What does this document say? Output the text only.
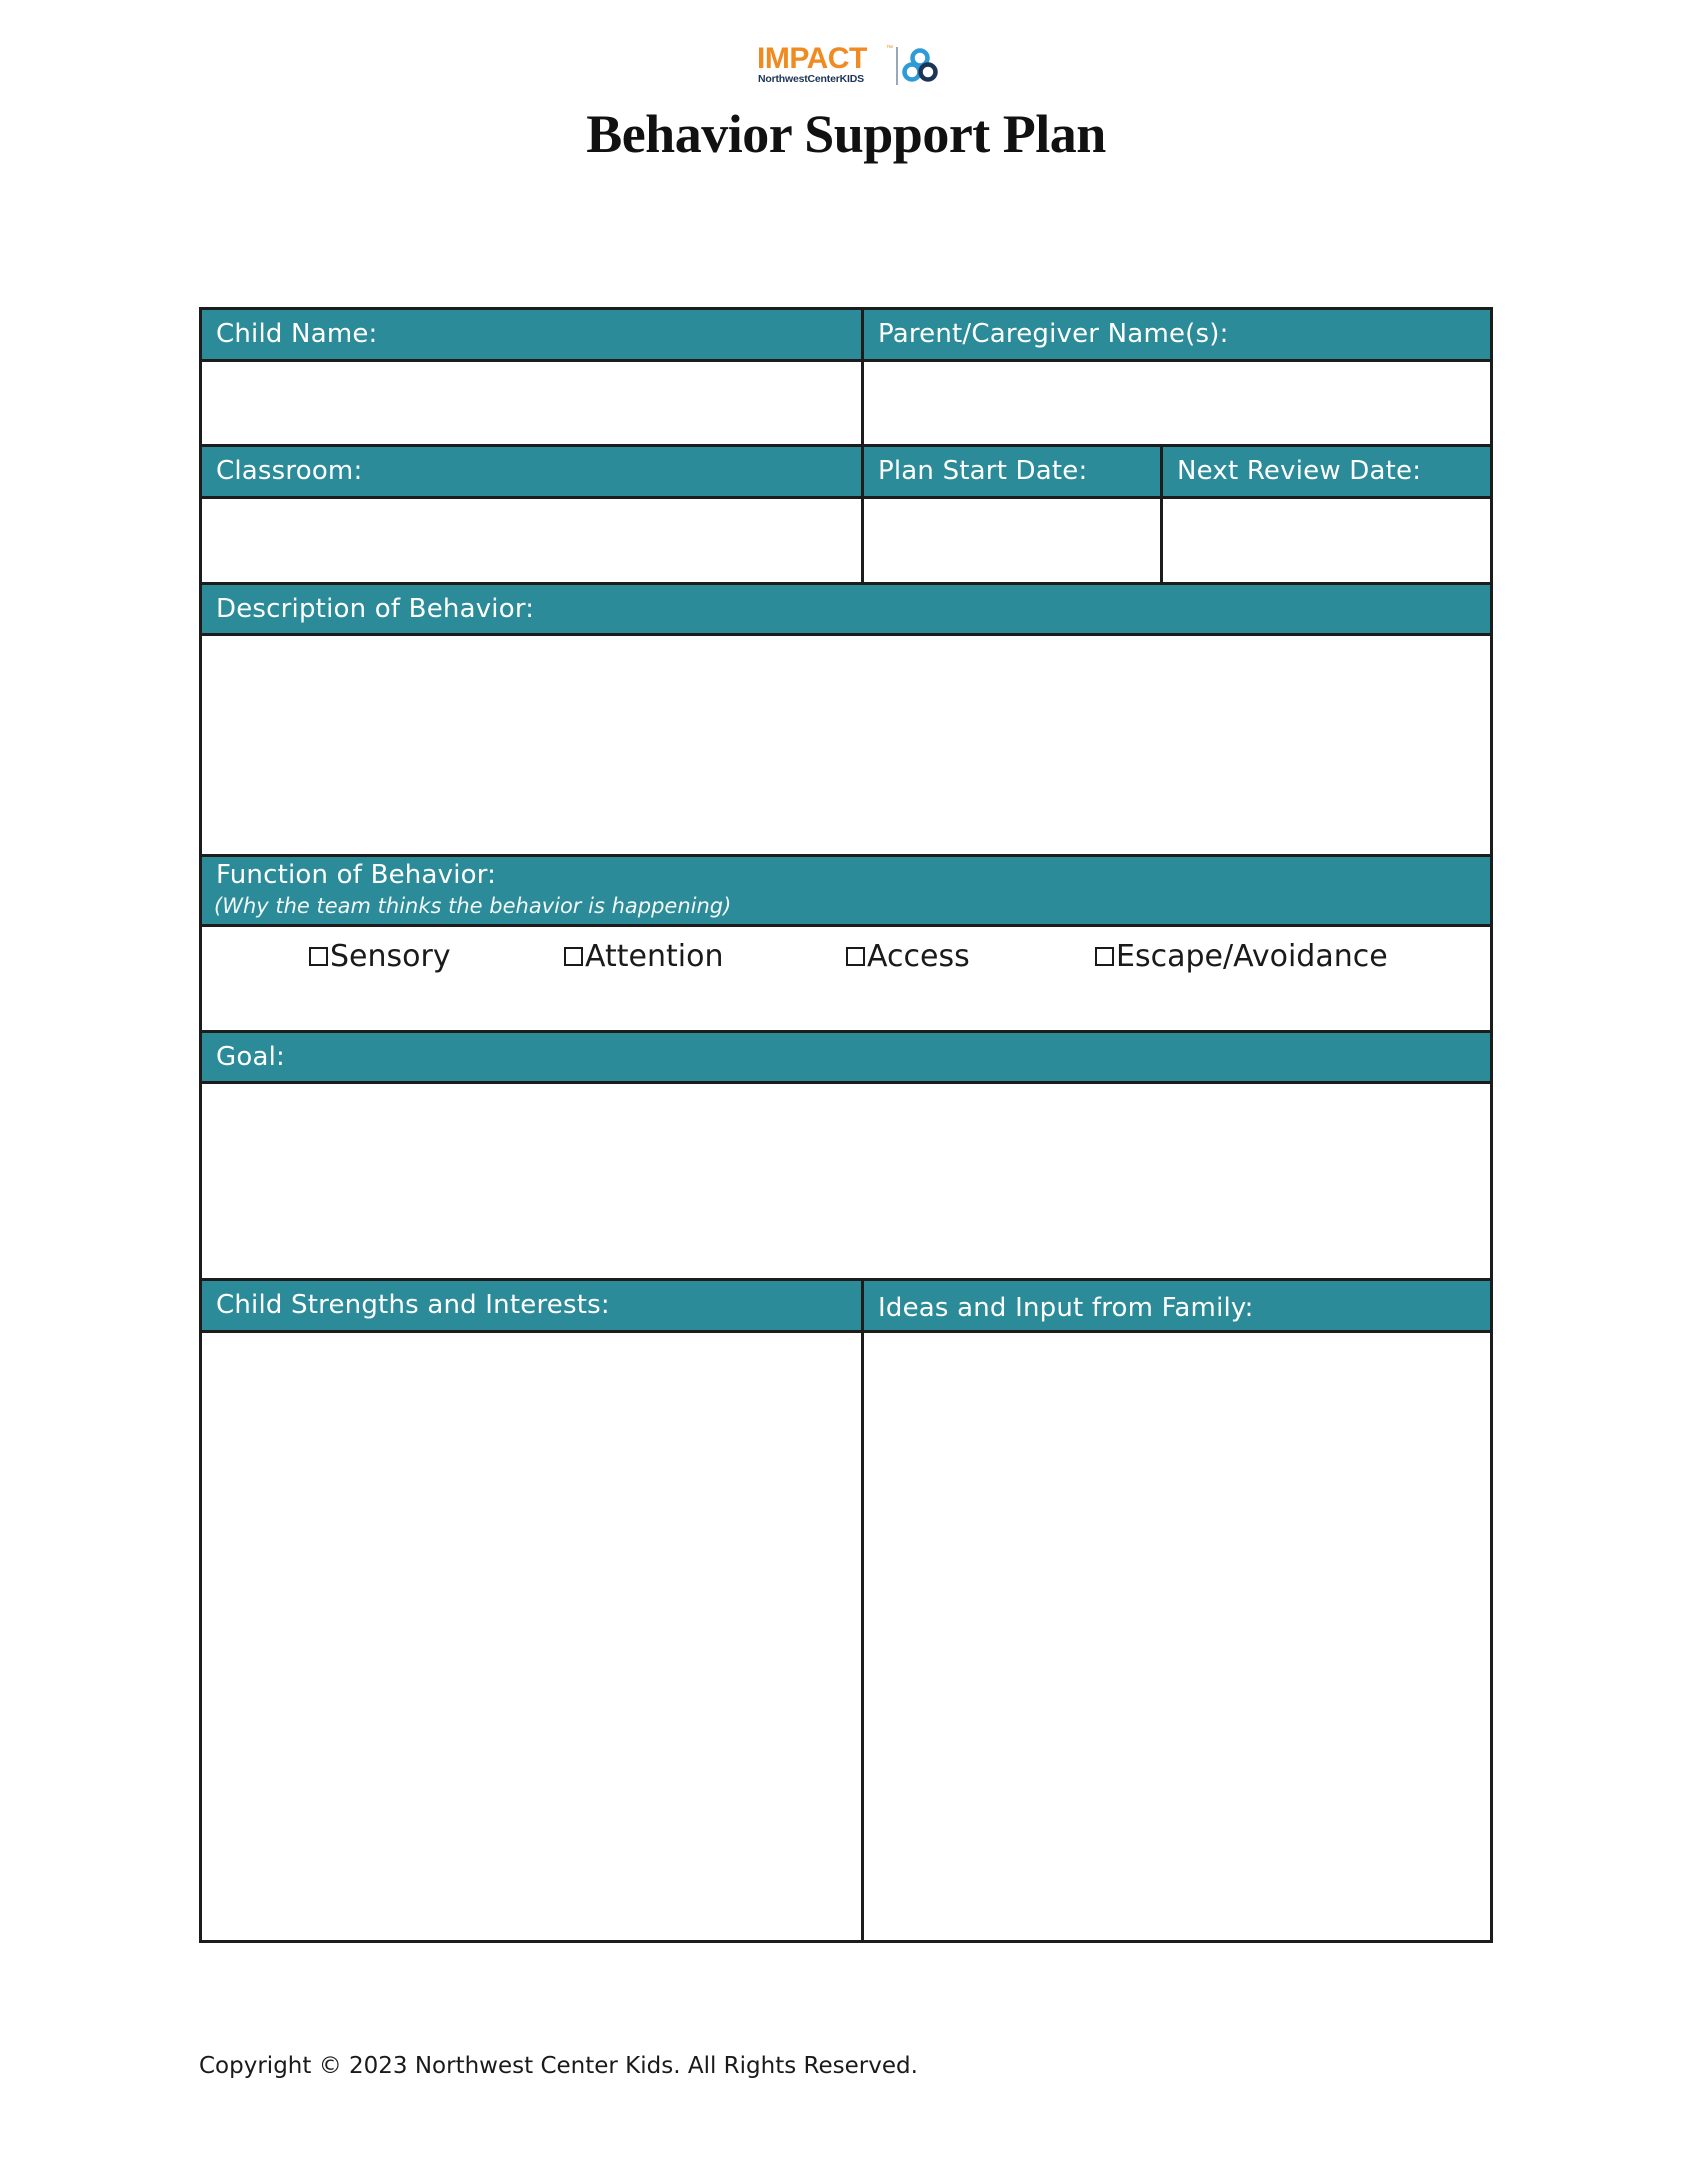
IMPACT	™
NorthwestCenterKIDS
Behavior Support Plan
Child Name:	Parent/Caregiver Name(s):
Classroom:	Plan Start Date:	Next Review Date:
Description of Behavior:
Function of Behavior:
(Why the team thinks the behavior is happening)
Sensory	Attention	Access	Escape/Avoidance
Goal:
Child Strengths and Interests:	Ideas and Input from Family:
Copyright © 2023 Northwest Center Kids. All Rights Reserved.
